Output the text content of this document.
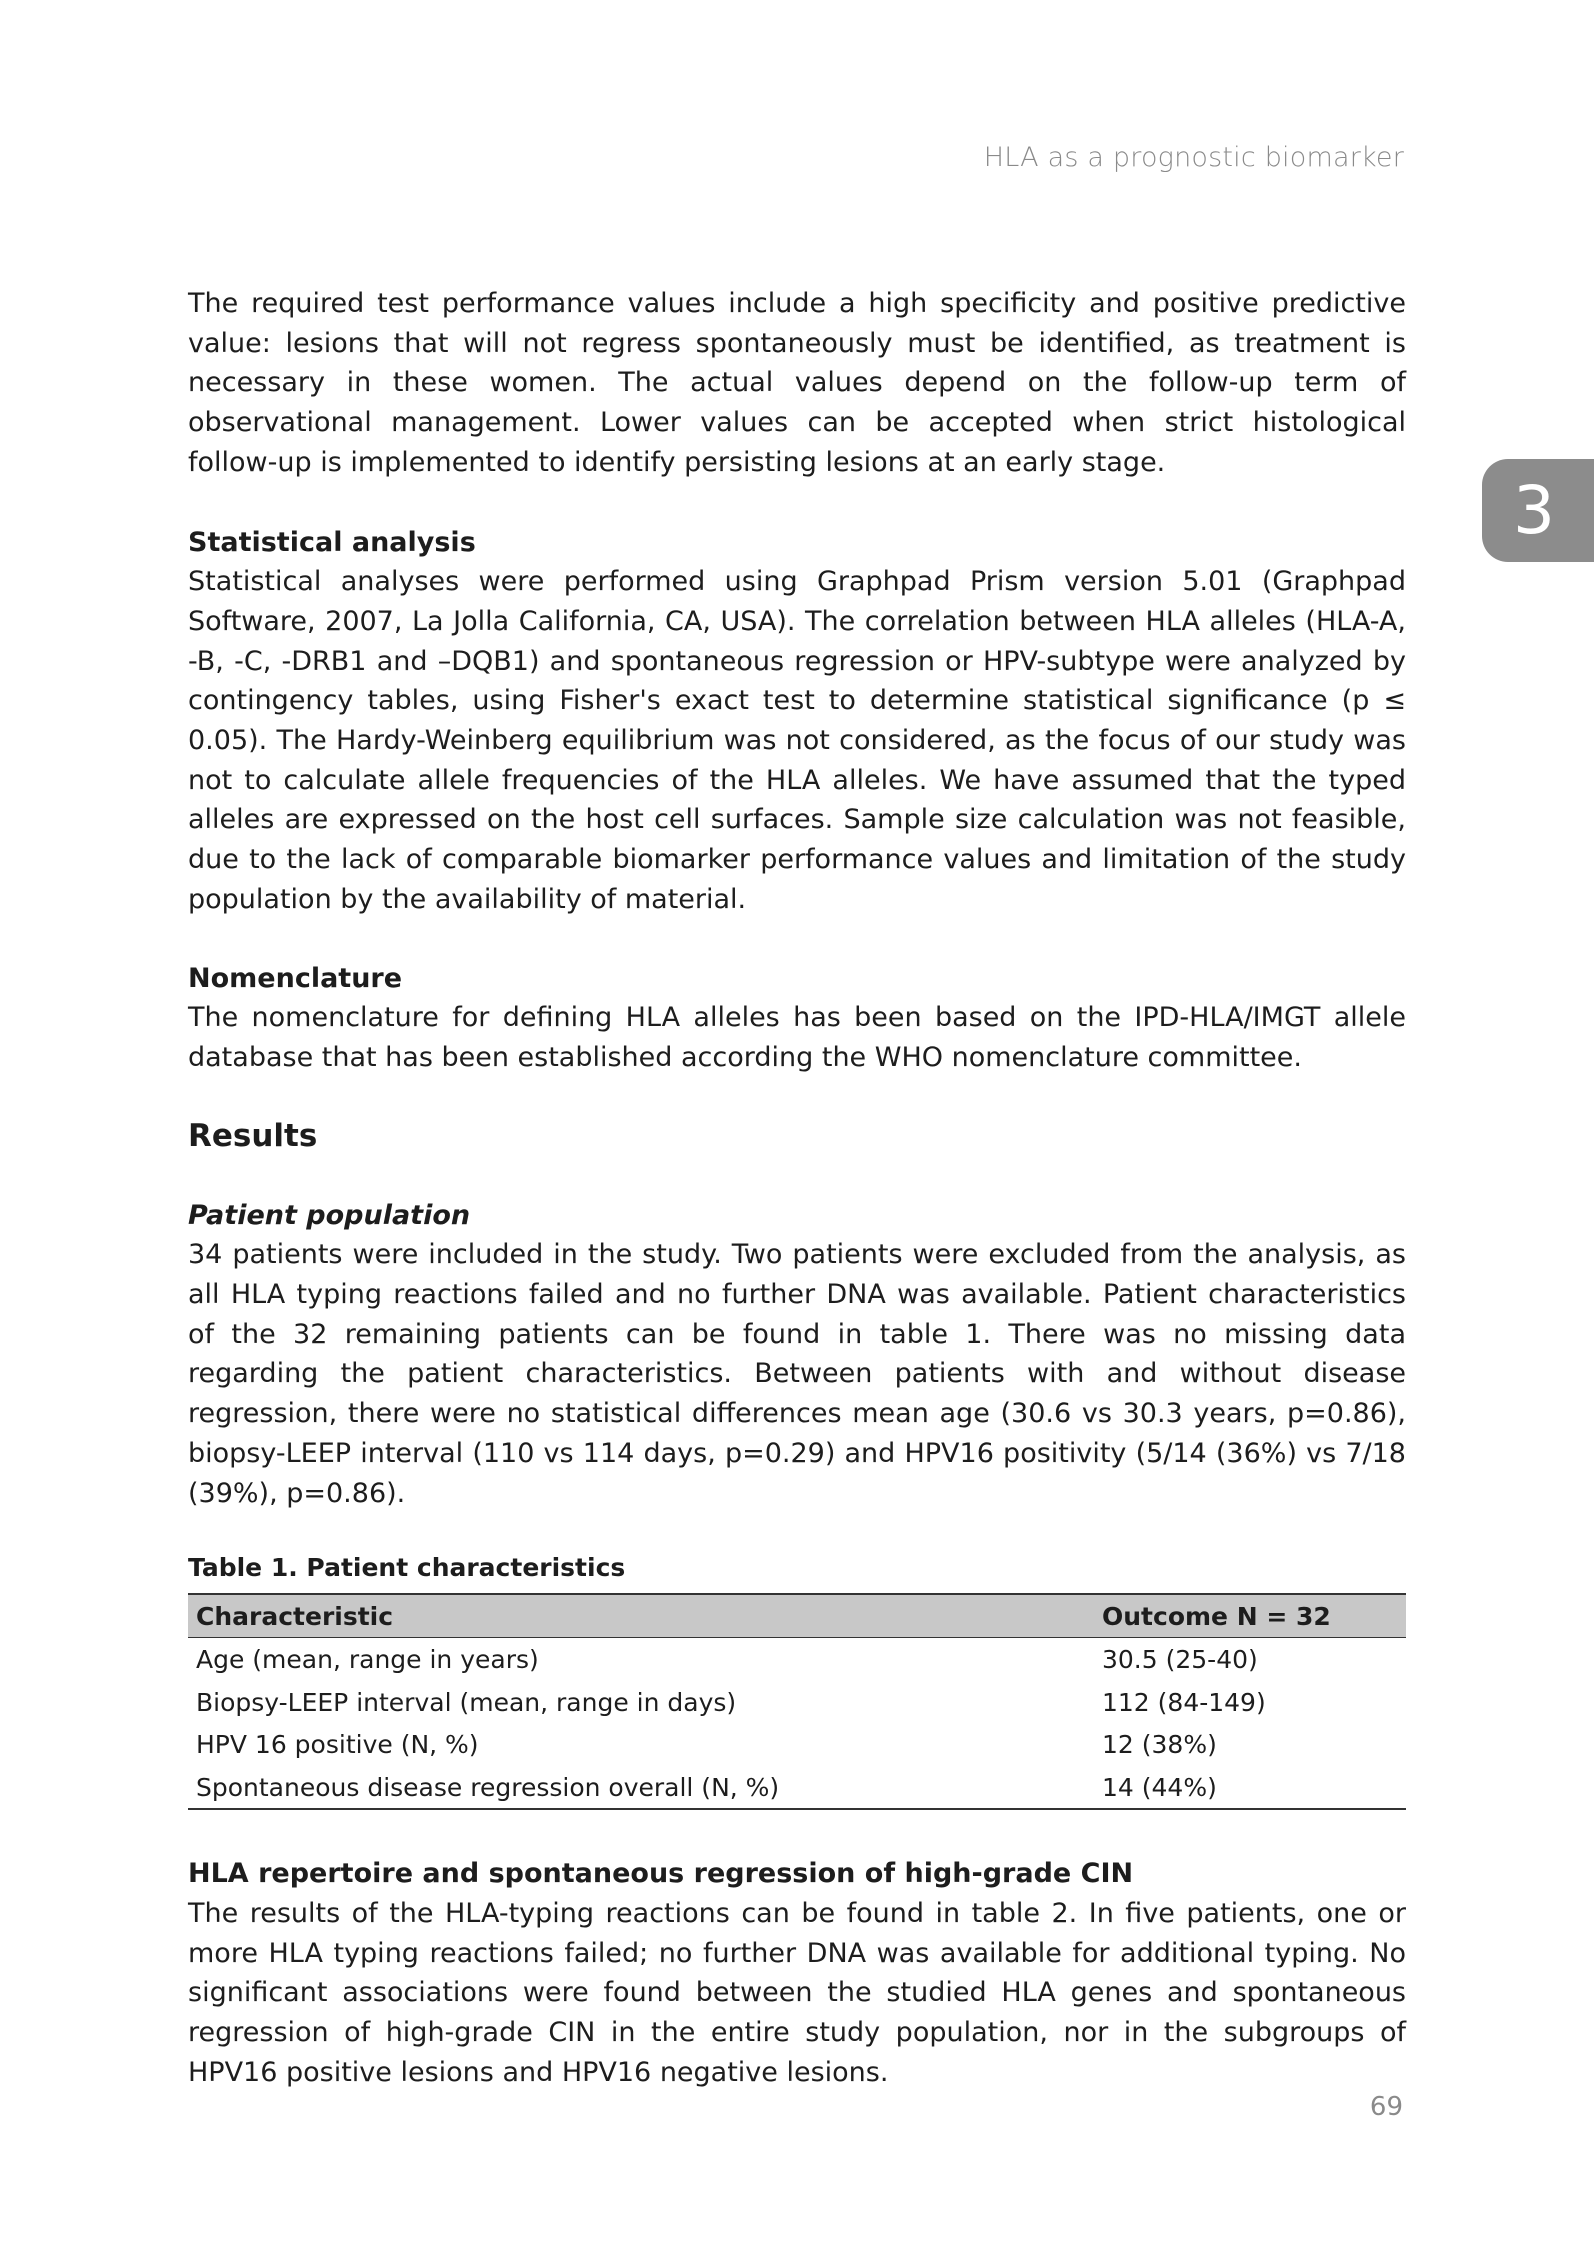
HLA as a prognostic biomarker
3

The required test performance values include a high specificity and positive predictive value: lesions that will not regress spontaneously must be identified, as treatment is necessary in these women. The actual values depend on the follow-up term of observational management. Lower values can be accepted when strict histological follow-up is implemented to identify persisting lesions at an early stage.

Statistical analysis

Statistical analyses were performed using Graphpad Prism version 5.01 (Graphpad Software, 2007, La Jolla California, CA, USA). The correlation between HLA alleles (HLA-A, -B, -C, -DRB1 and –DQB1) and spontaneous regression or HPV-subtype were analyzed by contingency tables, using Fisher's exact test to determine statistical significance (p ≤ 0.05). The Hardy-Weinberg equilibrium was not considered, as the focus of our study was not to calculate allele frequencies of the HLA alleles. We have assumed that the typed alleles are expressed on the host cell surfaces. Sample size calculation was not feasible, due to the lack of comparable biomarker performance values and limitation of the study population by the availability of material.

Nomenclature

The nomenclature for defining HLA alleles has been based on the IPD-HLA/IMGT allele database that has been established according the WHO nomenclature committee.

Results
Patient population

34 patients were included in the study. Two patients were excluded from the analysis, as all HLA typing reactions failed and no further DNA was available. Patient characteristics of the 32 remaining patients can be found in table 1. There was no missing data regarding the patient characteristics. Between patients with and without disease regression, there were no statistical differences mean age (30.6 vs 30.3 years, p=0.86), biopsy-LEEP interval (110 vs 114 days, p=0.29) and HPV16 positivity (5/14 (36%) vs 7/18 (39%), p=0.86).

Table 1. Patient characteristics
Characteristic	Outcome N = 32
Age (mean, range in years)	30.5 (25-40)
Biopsy-LEEP interval (mean, range in days)	112 (84-149)
HPV 16 positive (N, %)	12 (38%)
Spontaneous disease regression overall (N, %)	14 (44%)
HLA repertoire and spontaneous regression of high-grade CIN

The results of the HLA-typing reactions can be found in table 2. In five patients, one or more HLA typing reactions failed; no further DNA was available for additional typing. No significant associations were found between the studied HLA genes and spontaneous regression of high-grade CIN in the entire study population, nor in the subgroups of HPV16 positive lesions and HPV16 negative lesions.

69
